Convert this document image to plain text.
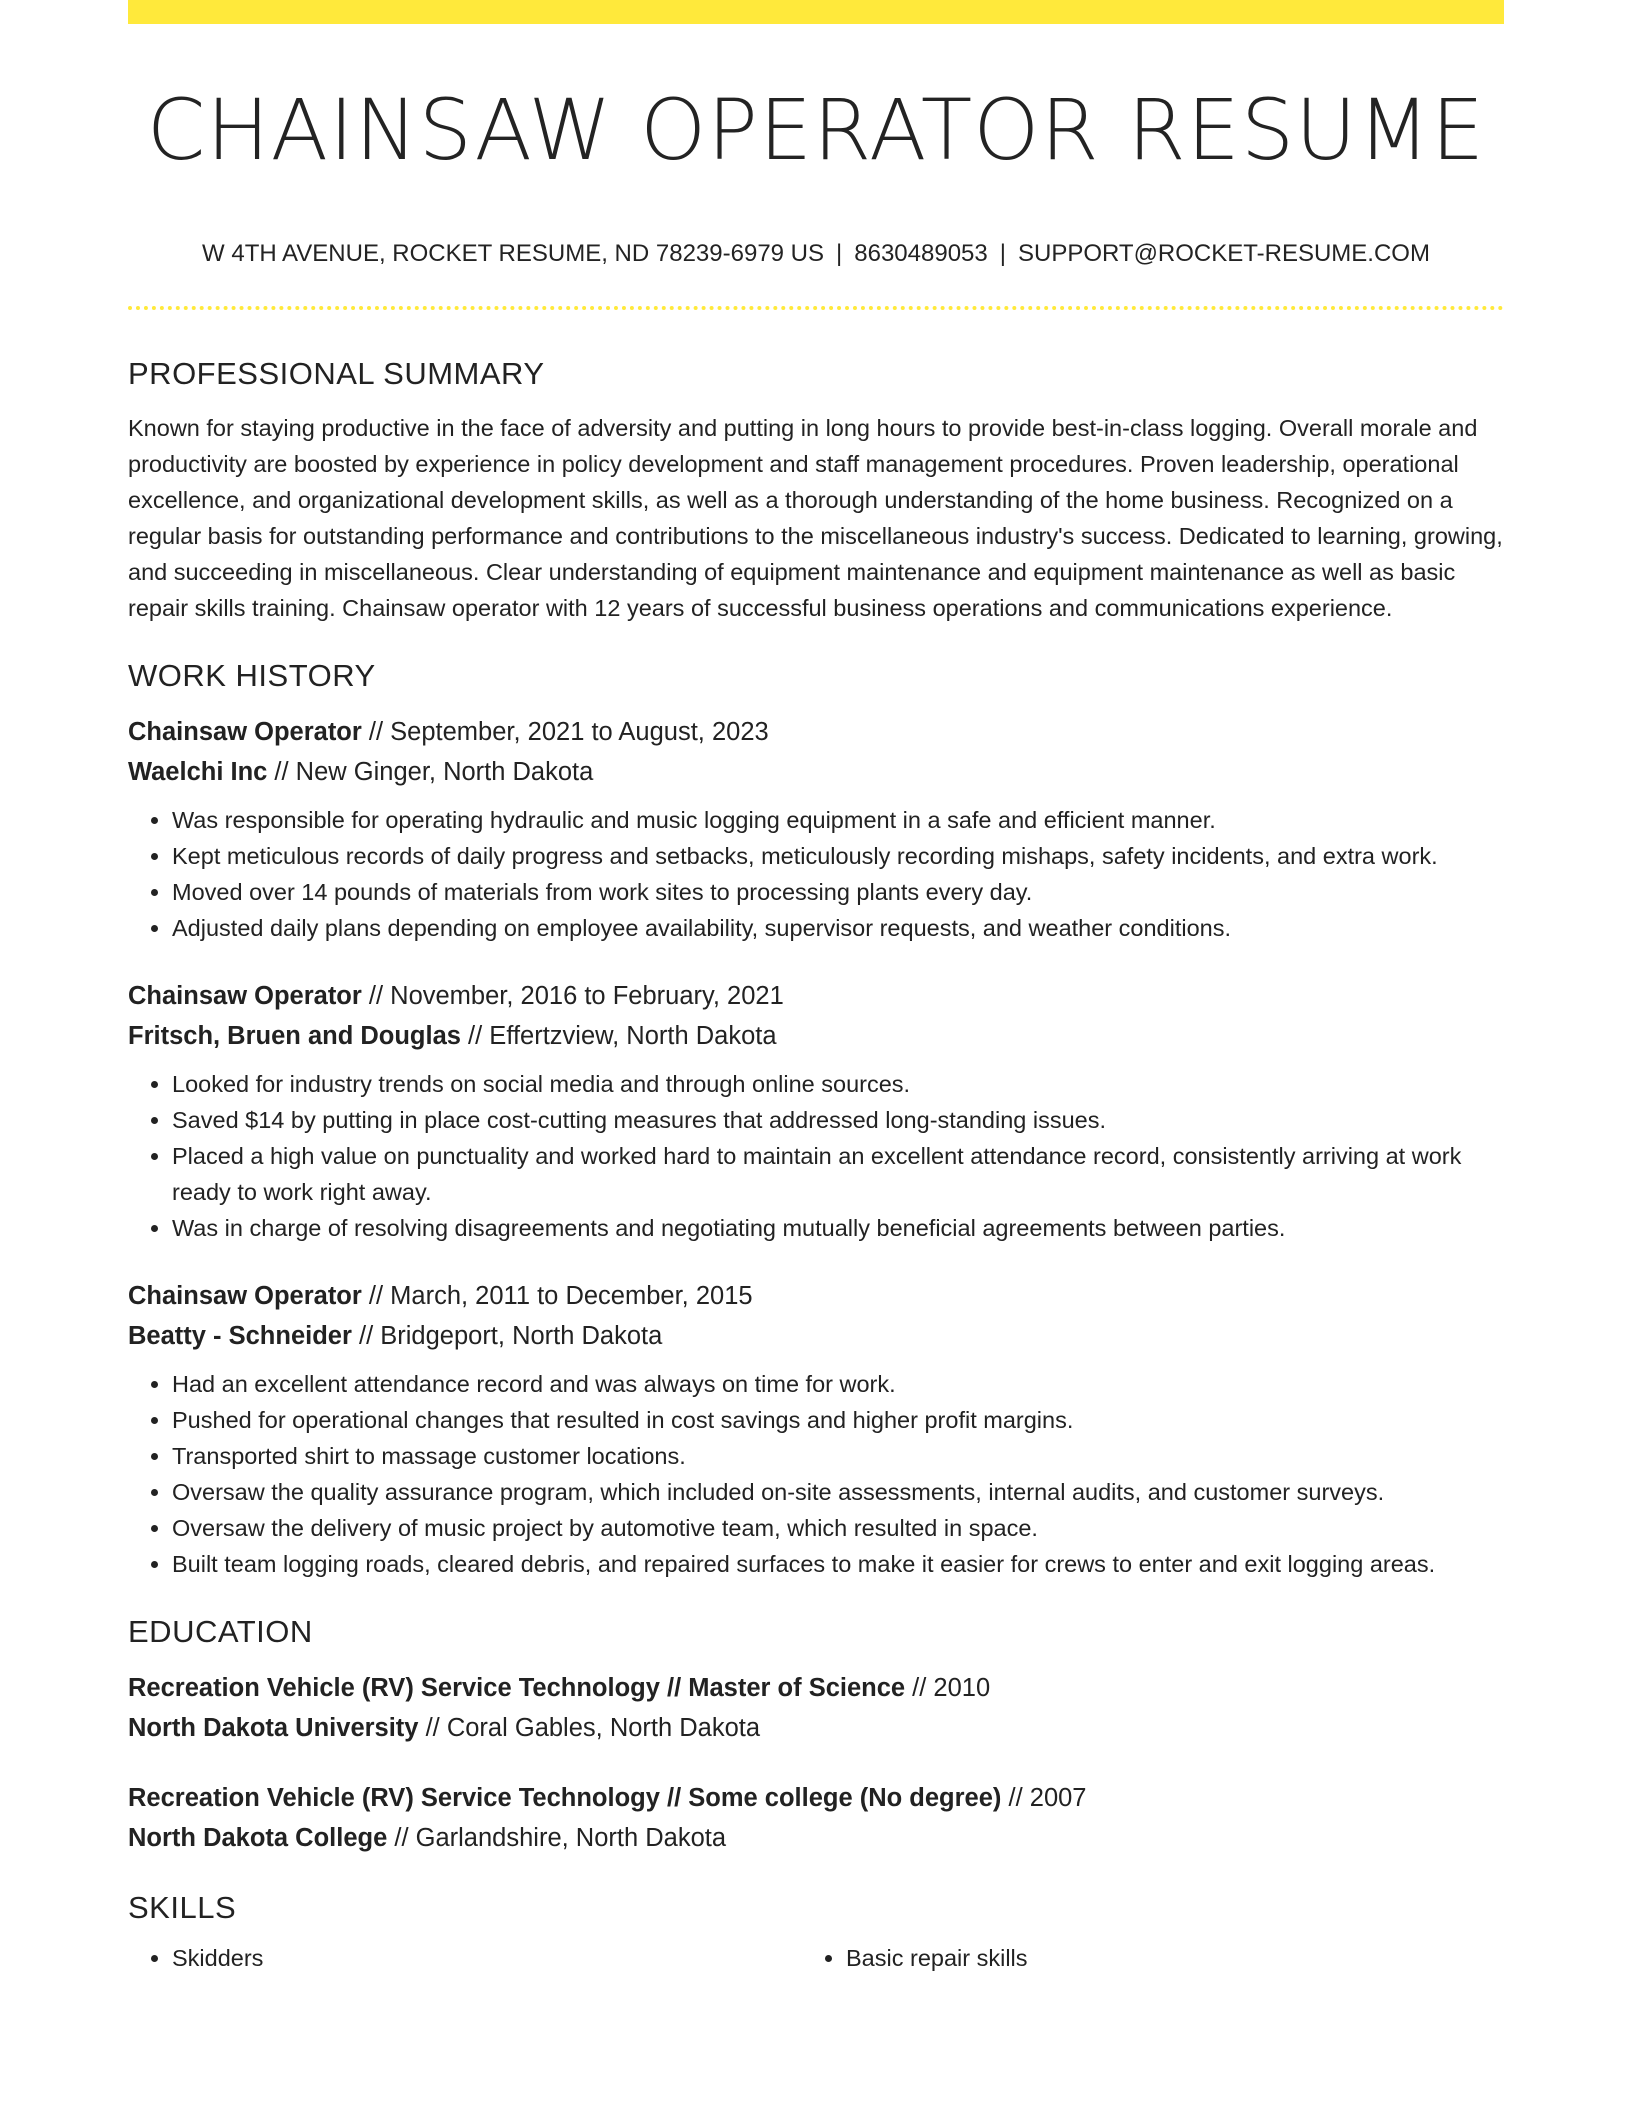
CHAINSAW OPERATOR RESUME
W 4TH AVENUE, ROCKET RESUME, ND 78239-6979 US | 8630489053 | SUPPORT@ROCKET-RESUME.COM
PROFESSIONAL SUMMARY

Known for staying productive in the face of adversity and putting in long hours to provide best-in-class logging. Overall morale and productivity are boosted by experience in policy development and staff management procedures. Proven leadership, operational excellence, and organizational development skills, as well as a thorough understanding of the home business. Recognized on a regular basis for outstanding performance and contributions to the miscellaneous industry's success. Dedicated to learning, growing, and succeeding in miscellaneous. Clear understanding of equipment maintenance and equipment maintenance as well as basic repair skills training. Chainsaw operator with 12 years of successful business operations and communications experience.

WORK HISTORY
Chainsaw Operator // September, 2021 to August, 2023
Waelchi Inc // New Ginger, North Dakota
• Was responsible for operating hydraulic and music logging equipment in a safe and efficient manner.
• Kept meticulous records of daily progress and setbacks, meticulously recording mishaps, safety incidents, and extra work.
• Moved over 14 pounds of materials from work sites to processing plants every day.
• Adjusted daily plans depending on employee availability, supervisor requests, and weather conditions.
Chainsaw Operator // November, 2016 to February, 2021
Fritsch, Bruen and Douglas // Effertzview, North Dakota
• Looked for industry trends on social media and through online sources.
• Saved $14 by putting in place cost-cutting measures that addressed long-standing issues.
• Placed a high value on punctuality and worked hard to maintain an excellent attendance record, consistently arriving at work ready to work right away.
• Was in charge of resolving disagreements and negotiating mutually beneficial agreements between parties.
Chainsaw Operator // March, 2011 to December, 2015
Beatty - Schneider // Bridgeport, North Dakota
• Had an excellent attendance record and was always on time for work.
• Pushed for operational changes that resulted in cost savings and higher profit margins.
• Transported shirt to massage customer locations.
• Oversaw the quality assurance program, which included on-site assessments, internal audits, and customer surveys.
• Oversaw the delivery of music project by automotive team, which resulted in space.
• Built team logging roads, cleared debris, and repaired surfaces to make it easier for crews to enter and exit logging areas.
EDUCATION
Recreation Vehicle (RV) Service Technology // Master of Science // 2010
North Dakota University // Coral Gables, North Dakota
Recreation Vehicle (RV) Service Technology // Some college (No degree) // 2007
North Dakota College // Garlandshire, North Dakota
SKILLS
• Skidders
•	Basic repair skills
